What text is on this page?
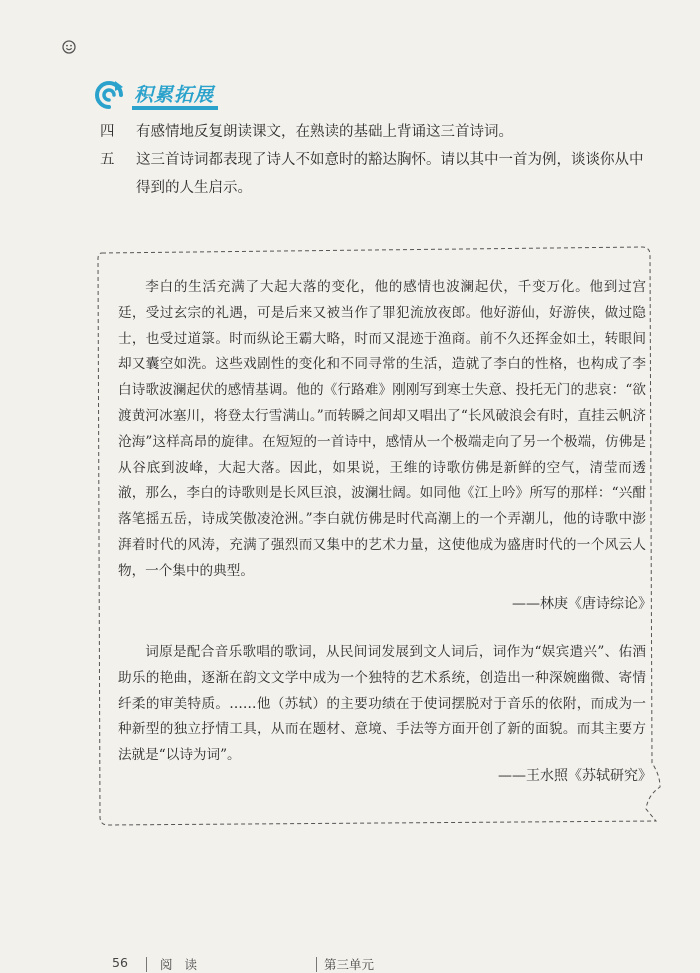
积累拓展
四 有感情地反复朗读课文，在熟读的基础上背诵这三首诗词。
五 这三首诗词都表现了诗人不如意时的豁达胸怀。请以其中一首为例，谈谈你从中得到的人生启示。
李白的生活充满了大起大落的变化，他的感情也波澜起伏，千变万化。他到过宫廷，受过玄宗的礼遇，可是后来又被当作了罪犯流放夜郎。他好游仙，好游侠，做过隐士，也受过道箓。时而纵论王霸大略，时而又混迹于渔商。前不久还挥金如土，转眼间却又囊空如洗。这些戏剧性的变化和不同寻常的生活，造就了李白的性格，也构成了李白诗歌波澜起伏的感情基调。他的《行路难》刚刚写到寒士失意、投托无门的悲哀：“欲渡黄河冰塞川，将登太行雪满山。”而转瞬之间却又唱出了“长风破浪会有时，直挂云帆济沧海”这样高昂的旋律。在短短的一首诗中，感情从一个极端走向了另一个极端，仿佛是从谷底到波峰，大起大落。因此，如果说，王维的诗歌仿佛是新鲜的空气，清莹而透澈，那么，李白的诗歌则是长风巨浪，波澜壮阔。如同他《江上吟》所写的那样：“兴酣落笔摇五岳，诗成笑傲凌沧洲。”李白就仿佛是时代高潮上的一个弄潮儿，他的诗歌中澎湃着时代的风涛，充满了强烈而又集中的艺术力量，这使他成为盛唐时代的一个风云人物，一个集中的典型。
——林庚《唐诗综论》
词原是配合音乐歌唱的歌词，从民间词发展到文人词后，词作为“娱宾遣兴”、佑酒助乐的艳曲，逐渐在韵文文学中成为一个独特的艺术系统，创造出一种深婉幽微、寄情纤柔的审美特质。……他（苏轼）的主要功绩在于使词摆脱对于音乐的依附，而成为一种新型的独立抒情工具，从而在题材、意境、手法等方面开创了新的面貌。而其主要方法就是“以诗为词”。
——王水照《苏轼研究》
56	阅 读	第三单元
